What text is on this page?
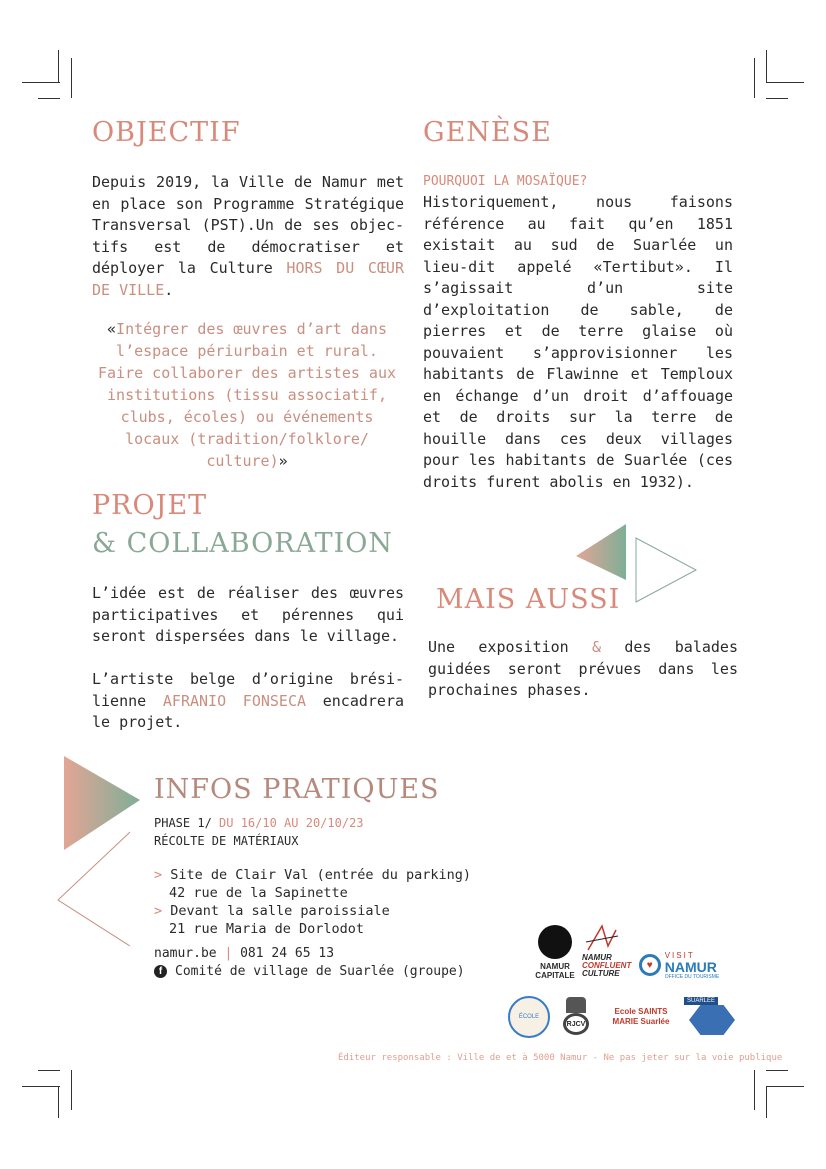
OBJECTIF

Depuis 2019, la Ville de Namur met en place son Programme Stratégique Transversal (PST).Un de ses objec-tifs est de démocratiser et déployer la Culture HORS DU CŒUR DE VILLE.

«Intégrer des œuvres d’art dans l’espace périurbain et rural. Faire collaborer des artistes aux institutions (tissu associatif, clubs, écoles) ou événements locaux (tradition/folklore/ culture)»

GENÈSE
POURQUOI LA MOSAÏQUE?

Historiquement, nous faisons référence au fait qu’en 1851 existait au sud de Suarlée un lieu-dit appelé «Tertibut». Il s’agissait d’un site d’exploitation de sable, de pierres et de terre glaise où pouvaient s’approvisionner les habitants de Flawinne et Temploux en échange d’un droit d’affouage et de droits sur la terre de houille dans ces deux villages pour les habitants de Suarlée (ces droits furent abolis en 1932).

PROJET
& COLLABORATION

L’idée est de réaliser des œuvres participatives et pérennes qui seront dispersées dans le village.

L’artiste belge d’origine brési-lienne AFRANIO FONSECA encadrera le projet.

MAIS AUSSI

Une exposition & des balades guidées seront prévues dans les prochaines phases.

INFOS PRATIQUES
PHASE 1/ DU 16/10 AU 20/10/23
RÉCOLTE DE MATÉRIAUX
> Site de Clair Val (entrée du parking)
42 rue de la Sapinette
> Devant la salle paroissiale
21 rue Maria de Dorlodot
namur.be | 081 24 65 13
f Comité de village de Suarlée (groupe)	NAMUR CAPITALE
NAMUR
CONFLUENT
CULTURE
♥
VISIT
NAMUR
OFFICE DU TOURISME
ÉCOLE
RJCV
Ecole SAINTS MARIE Suarlée
SUARLEE
Éditeur responsable : Ville de et à 5000 Namur - Ne pas jeter sur la voie publique
